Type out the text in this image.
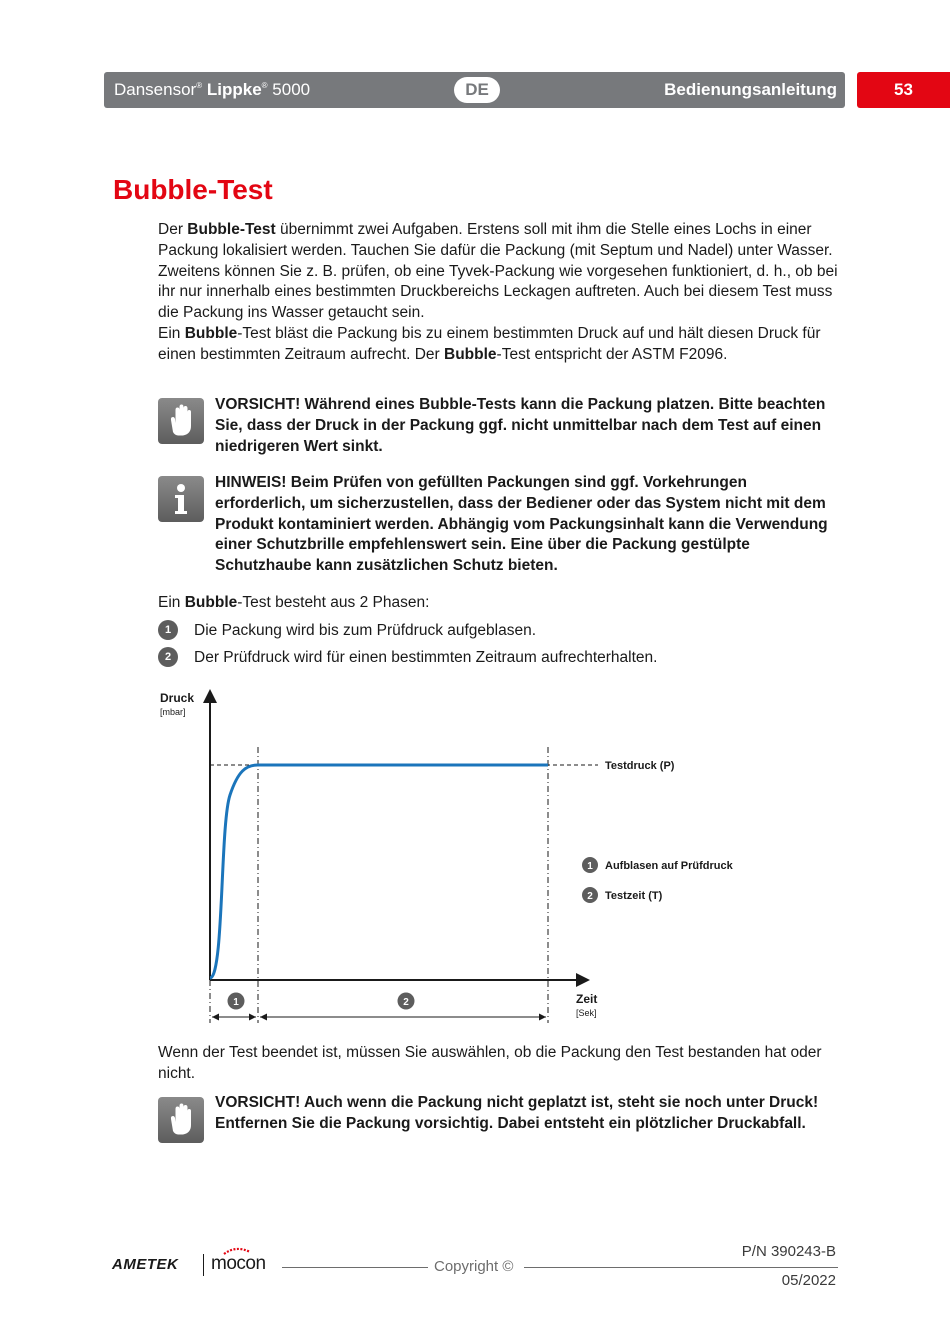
Dansensor® Lippke® 5000	DE	Bedienungsanleitung	53
Bubble-Test
Der Bubble-Test übernimmt zwei Aufgaben. Erstens soll mit ihm die Stelle eines Lochs in einer Packung lokalisiert werden. Tauchen Sie dafür die Packung (mit Septum und Nadel) unter Wasser.
Zweitens können Sie z. B. prüfen, ob eine Tyvek-Packung wie vorgesehen funktioniert, d. h., ob bei ihr nur innerhalb eines bestimmten Druckbereichs Leckagen auftreten. Auch bei diesem Test muss die Packung ins Wasser getaucht sein.
Ein Bubble-Test bläst die Packung bis zu einem bestimmten Druck auf und hält diesen Druck für einen bestimmten Zeitraum aufrecht. Der Bubble-Test entspricht der ASTM F2096.
VORSICHT! Während eines Bubble-Tests kann die Packung platzen. Bitte beachten Sie, dass der Druck in der Packung ggf. nicht unmittelbar nach dem Test auf einen niedrigeren Wert sinkt.
HINWEIS! Beim Prüfen von gefüllten Packungen sind ggf. Vorkehrungen erforderlich, um sicherzustellen, dass der Bediener oder das System nicht mit dem Produkt kontaminiert werden. Abhängig vom Packungsinhalt kann die Verwendung einer Schutzbrille empfehlenswert sein. Eine über die Packung gestülpte Schutzhaube kann zusätzlichen Schutz bieten.
Ein Bubble-Test besteht aus 2 Phasen:
1	Die Packung wird bis zum Prüfdruck aufgeblasen.
2	Der Prüfdruck wird für einen bestimmten Zeitraum aufrechterhalten.
Druck
[mbar]
Zeit
[Sek]
Testdruck (P)
1	2
1 Aufblasen auf Prüfdruck
2 Testzeit (T)
Wenn der Test beendet ist, müssen Sie auswählen, ob die Packung den Test bestanden hat oder nicht.
VORSICHT! Auch wenn die Packung nicht geplatzt ist, steht sie noch unter Druck! Entfernen Sie die Packung vorsichtig. Dabei entsteht ein plötzlicher Druckabfall.
AMETEK mocon	Copyright ©
P/N 390243-B
05/2022
